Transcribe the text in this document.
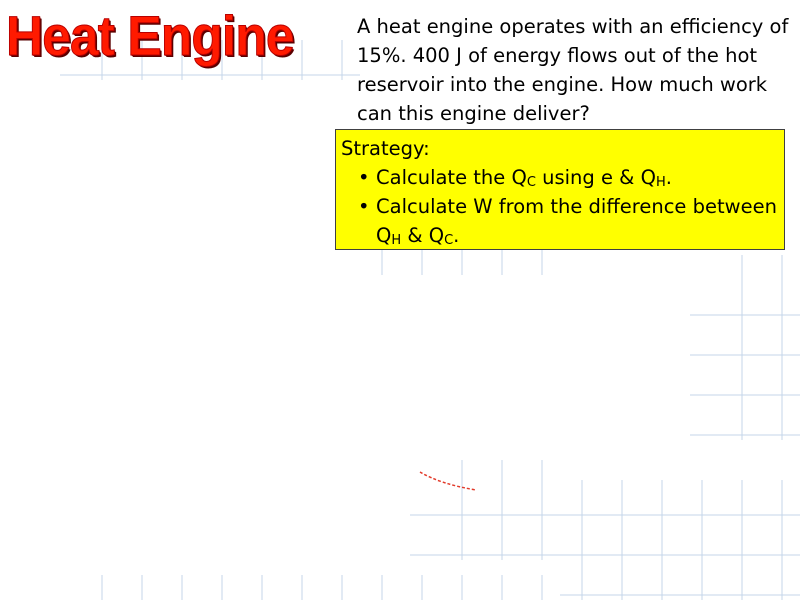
Heat Engine	A heat engine operates with an efficiency of 15%. 400 J of energy flows out of the hot reservoir into the engine. How much work can this engine deliver?

Strategy:
• Calculate the $Q_C$ using e & $Q_H$.
• Calculate W from the difference between $Q_H$ & $Q_C$.
